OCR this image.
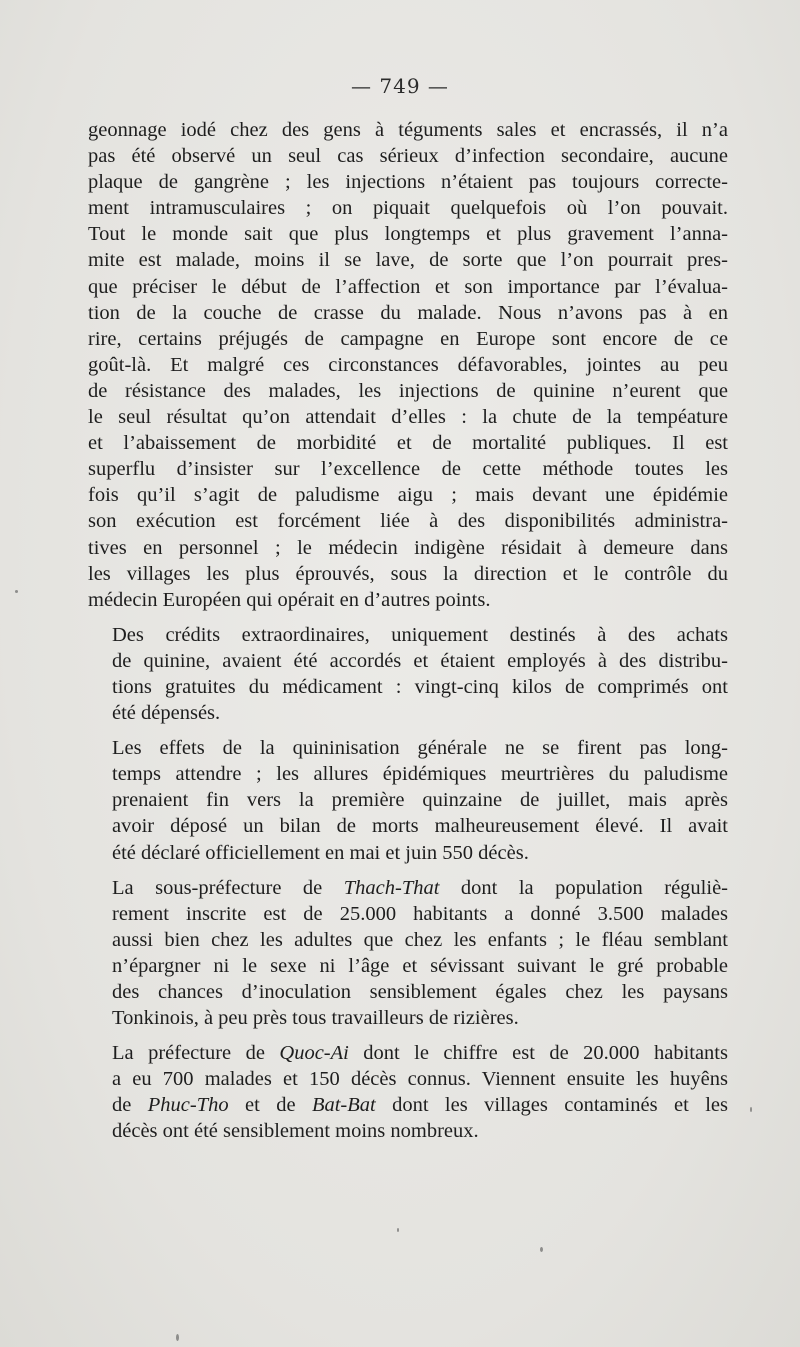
— 749 —

geonnage iodé chez des gens à téguments sales et encrassés, il n’a
pas été observé un seul cas sérieux d’infection secondaire, aucune
plaque de gangrène ; les injections n’étaient pas toujours correcte-
ment intramusculaires ; on piquait quelquefois où l’on pouvait.
Tout le monde sait que plus longtemps et plus gravement l’anna-
mite est malade, moins il se lave, de sorte que l’on pourrait pres-
que préciser le début de l’affection et son importance par l’évalua-
tion de la couche de crasse du malade. Nous n’avons pas à en
rire, certains préjugés de campagne en Europe sont encore de ce
goût-là. Et malgré ces circonstances défavorables, jointes au peu
de résistance des malades, les injections de quinine n’eurent que
le seul résultat qu’on attendait d’elles : la chute de la tempéature
et l’abaissement de morbidité et de mortalité publiques. Il est
superflu d’insister sur l’excellence de cette méthode toutes les
fois qu’il s’agit de paludisme aigu ; mais devant une épidémie
son exécution est forcément liée à des disponibilités administra-
tives en personnel ; le médecin indigène résidait à demeure dans
les villages les plus éprouvés, sous la direction et le contrôle du
médecin Européen qui opérait en d’autres points.

Des crédits extraordinaires, uniquement destinés à des achats
de quinine, avaient été accordés et étaient employés à des distribu-
tions gratuites du médicament : vingt-cinq kilos de comprimés ont
été dépensés.

Les effets de la quininisation générale ne se firent pas long-
temps attendre ; les allures épidémiques meurtrières du paludisme
prenaient fin vers la première quinzaine de juillet, mais après
avoir déposé un bilan de morts malheureusement élevé. Il avait
été déclaré officiellement en mai et juin 550 décès.

La sous-préfecture de Thach-That dont la population réguliè-
rement inscrite est de 25.000 habitants a donné 3.500 malades
aussi bien chez les adultes que chez les enfants ; le fléau semblant
n’épargner ni le sexe ni l’âge et sévissant suivant le gré probable
des chances d’inoculation sensiblement égales chez les paysans
Tonkinois, à peu près tous travailleurs de rizières.

La préfecture de Quoc-Ai dont le chiffre est de 20.000 habitants
a eu 700 malades et 150 décès connus. Viennent ensuite les huyêns
de Phuc-Tho et de Bat-Bat dont les villages contaminés et les
décès ont été sensiblement moins nombreux.
